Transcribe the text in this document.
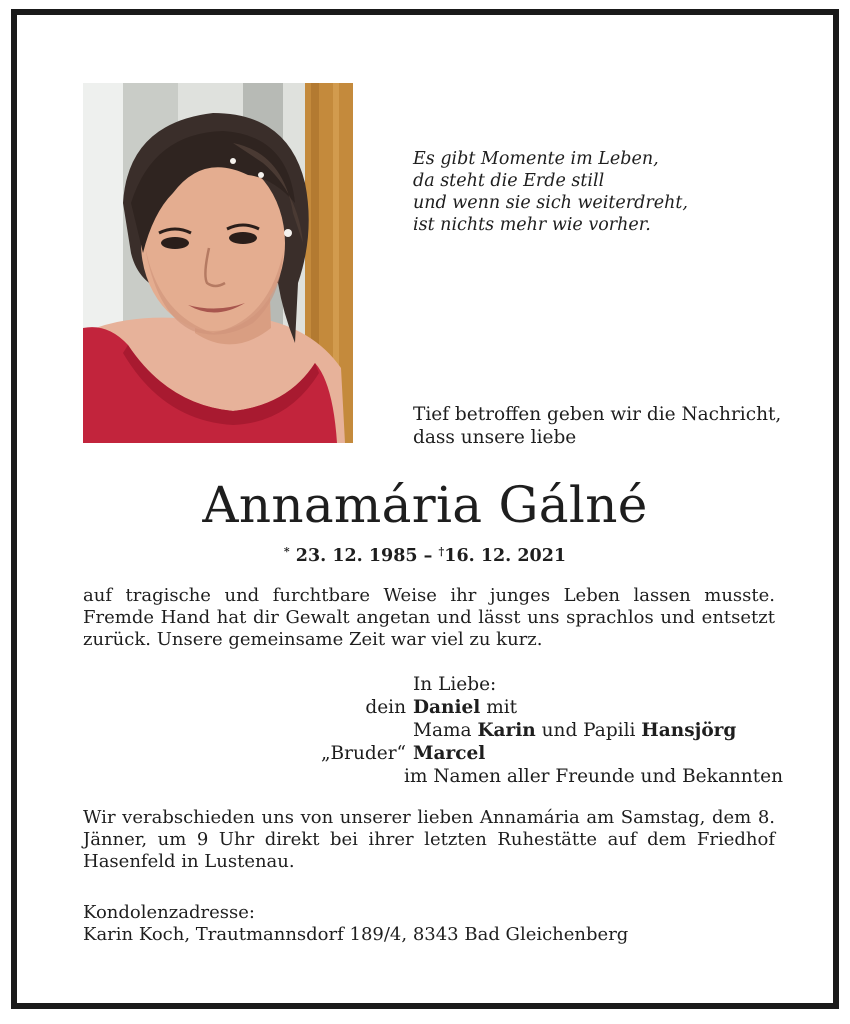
Es gibt Momente im Leben,
da steht die Erde still
und wenn sie sich weiterdreht,
ist nichts mehr wie vorher.
Tief betroffen geben wir die Nachricht,
dass unsere liebe
Annamária Gálné
* 23. 12. 1985 – †16. 12. 2021
auf tragische und furchtbare Weise ihr junges Leben lassen musste. Fremde Hand hat dir Gewalt angetan und lässt uns sprachlos und entsetzt zurück. Unsere gemeinsame Zeit war viel zu kurz.
In Liebe:
dein Daniel mit
Mama Karin und Papili Hansjörg
„Bruder“ Marcel
im Namen aller Freunde und Bekannten
Wir verabschieden uns von unserer lieben Annamária am Samstag, dem 8. Jänner, um 9 Uhr direkt bei ihrer letzten Ruhestätte auf dem Friedhof Hasenfeld in Lustenau.
Kondolenzadresse:
Karin Koch, Trautmannsdorf 189/4, 8343 Bad Gleichenberg
